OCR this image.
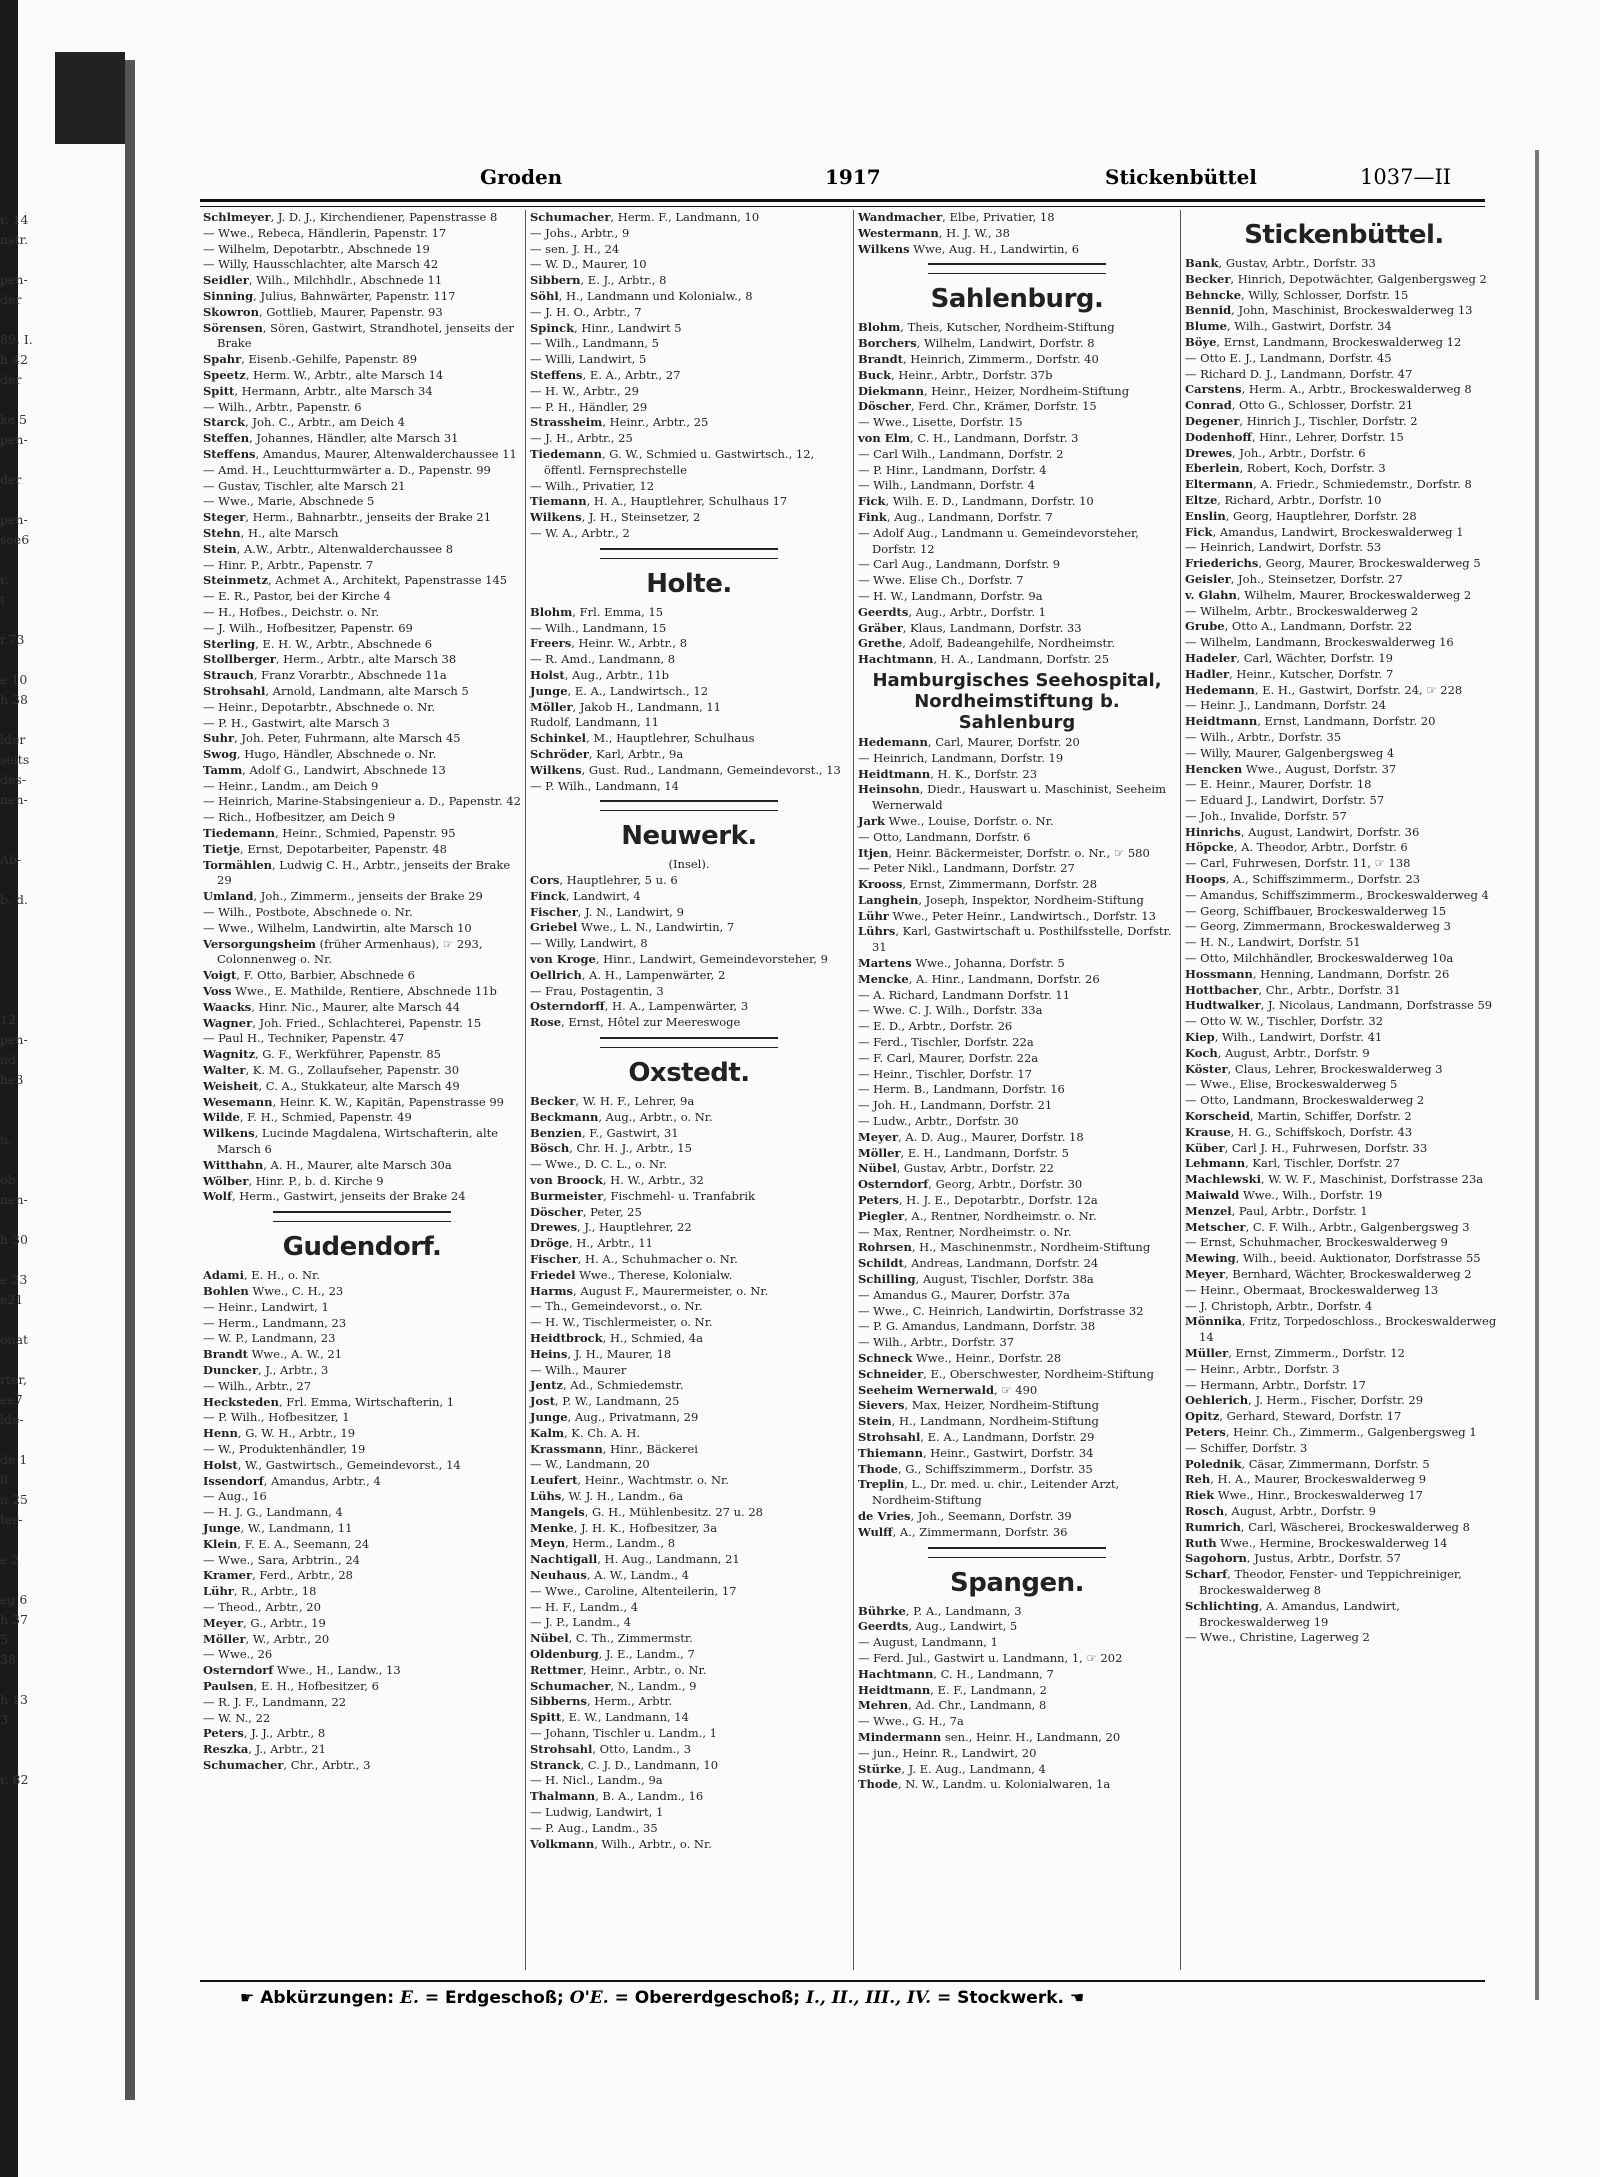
r. 14
nstr.
pen-
der
89, I.
h 42
der
ke 5
pen-
der
pen-
see6
r.
t
r.73
e 10
h 38
lder
seits
des-
nen-
Ab-
b. d.
12
pen-
nd
he3
u.
ob
nen-
h 30
e 23
e21
onat
rter,
ee7
lde-
de 1
lt
n 25
ter-
e 2
eg 6
h 37
5
38
h 13
3
r. 82
Groden	1917	Stickenbüttel	1037—II
Schlmeyer, J. D. J., Kirchendiener, Papenstrasse 8
— Wwe., Rebeca, Händlerin, Papenstr. 17
— Wilhelm, Depotarbtr., Abschnede 19
— Willy, Hausschlachter, alte Marsch 42
Seidler, Wilh., Milchhdlr., Abschnede 11
Sinning, Julius, Bahnwärter, Papenstr. 117
Skowron, Gottlieb, Maurer, Papenstr. 93
Sörensen, Sören, Gastwirt, Strandhotel, jenseits der Brake
Spahr, Eisenb.-Gehilfe, Papenstr. 89
Speetz, Herm. W., Arbtr., alte Marsch 14
Spitt, Hermann, Arbtr., alte Marsch 34
— Wilh., Arbtr., Papenstr. 6
Starck, Joh. C., Arbtr., am Deich 4
Steffen, Johannes, Händler, alte Marsch 31
Steffens, Amandus, Maurer, Altenwalderchaussee 11
— Amd. H., Leuchtturmwärter a. D., Papenstr. 99
— Gustav, Tischler, alte Marsch 21
— Wwe., Marie, Abschnede 5
Steger, Herm., Bahnarbtr., jenseits der Brake 21
Stehn, H., alte Marsch
Stein, A.W., Arbtr., Altenwalderchaussee 8
— Hinr. P., Arbtr., Papenstr. 7
Steinmetz, Achmet A., Architekt, Papenstrasse 145
— E. R., Pastor, bei der Kirche 4
— H., Hofbes., Deichstr. o. Nr.
— J. Wilh., Hofbesitzer, Papenstr. 69
Sterling, E. H. W., Arbtr., Abschnede 6
Stollberger, Herm., Arbtr., alte Marsch 38
Strauch, Franz Vorarbtr., Abschnede 11a
Strohsahl, Arnold, Landmann, alte Marsch 5
— Heinr., Depotarbtr., Abschnede o. Nr.
— P. H., Gastwirt, alte Marsch 3
Suhr, Joh. Peter, Fuhrmann, alte Marsch 45
Swog, Hugo, Händler, Abschnede o. Nr.
Tamm, Adolf G., Landwirt, Abschnede 13
— Heinr., Landm., am Deich 9
— Heinrich, Marine-Stabsingenieur a. D., Papenstr. 42
— Rich., Hofbesitzer, am Deich 9
Tiedemann, Heinr., Schmied, Papenstr. 95
Tietje, Ernst, Depotarbeiter, Papenstr. 48
Tormählen, Ludwig C. H., Arbtr., jenseits der Brake 29
Umland, Joh., Zimmerm., jenseits der Brake 29
— Wilh., Postbote, Abschnede o. Nr.
— Wwe., Wilhelm, Landwirtin, alte Marsch 10
Versorgungsheim (früher Armenhaus), ☞ 293, Colonnenweg o. Nr.
Voigt, F. Otto, Barbier, Abschnede 6
Voss Wwe., E. Mathilde, Rentiere, Abschnede 11b
Waacks, Hinr. Nic., Maurer, alte Marsch 44
Wagner, Joh. Fried., Schlachterei, Papenstr. 15
— Paul H., Techniker, Papenstr. 47
Wagnitz, G. F., Werkführer, Papenstr. 85
Walter, K. M. G., Zollaufseher, Papenstr. 30
Weisheit, C. A., Stukkateur, alte Marsch 49
Wesemann, Heinr. K. W., Kapitän, Papenstrasse 99
Wilde, F. H., Schmied, Papenstr. 49
Wilkens, Lucinde Magdalena, Wirtschafterin, alte Marsch 6
Witthahn, A. H., Maurer, alte Marsch 30a
Wölber, Hinr. P., b. d. Kirche 9
Wolf, Herm., Gastwirt, jenseits der Brake 24
Gudendorf.
Adami, E. H., o. Nr.
Bohlen Wwe., C. H., 23
— Heinr., Landwirt, 1
— Herm., Landmann, 23
— W. P., Landmann, 23
Brandt Wwe., A. W., 21
Duncker, J., Arbtr., 3
— Wilh., Arbtr., 27
Hecksteden, Frl. Emma, Wirtschafterin, 1
— P. Wilh., Hofbesitzer, 1
Henn, G. W. H., Arbtr., 19
— W., Produktenhändler, 19
Holst, W., Gastwirtsch., Gemeindevorst., 14
Issendorf, Amandus, Arbtr., 4
— Aug., 16
— H. J. G., Landmann, 4
Junge, W., Landmann, 11
Klein, F. E. A., Seemann, 24
— Wwe., Sara, Arbtrin., 24
Kramer, Ferd., Arbtr., 28
Lühr, R., Arbtr., 18
— Theod., Arbtr., 20
Meyer, G., Arbtr., 19
Möller, W., Arbtr., 20
— Wwe., 26
Osterndorf Wwe., H., Landw., 13
Paulsen, E. H., Hofbesitzer, 6
— R. J. F., Landmann, 22
— W. N., 22
Peters, J. J., Arbtr., 8
Reszka, J., Arbtr., 21
Schumacher, Chr., Arbtr., 3
Schumacher, Herm. F., Landmann, 10
— Johs., Arbtr., 9
— sen. J. H., 24
— W. D., Maurer, 10
Sibbern, E. J., Arbtr., 8
Söhl, H., Landmann und Kolonialw., 8
— J. H. O., Arbtr., 7
Spinck, Hinr., Landwirt 5
— Wilh., Landmann, 5
— Willi, Landwirt, 5
Steffens, E. A., Arbtr., 27
— H. W., Arbtr., 29
— P. H., Händler, 29
Strassheim, Heinr., Arbtr., 25
— J. H., Arbtr., 25
Tiedemann, G. W., Schmied u. Gastwirtsch., 12, öffentl. Fernsprechstelle
— Wilh., Privatier, 12
Tiemann, H. A., Hauptlehrer, Schulhaus 17
Wilkens, J. H., Steinsetzer, 2
— W. A., Arbtr., 2
Holte.
Blohm, Frl. Emma, 15
— Wilh., Landmann, 15
Freers, Heinr. W., Arbtr., 8
— R. Amd., Landmann, 8
Holst, Aug., Arbtr., 11b
Junge, E. A., Landwirtsch., 12
Möller, Jakob H., Landmann, 11
Rudolf, Landmann, 11
Schinkel, M., Hauptlehrer, Schulhaus
Schröder, Karl, Arbtr., 9a
Wilkens, Gust. Rud., Landmann, Gemeindevorst., 13
— P. Wilh., Landmann, 14
Neuwerk.
(Insel).
Cors, Hauptlehrer, 5 u. 6
Finck, Landwirt, 4
Fischer, J. N., Landwirt, 9
Griebel Wwe., L. N., Landwirtin, 7
— Willy, Landwirt, 8
von Kroge, Hinr., Landwirt, Gemeindevorsteher, 9
Oellrich, A. H., Lampenwärter, 2
— Frau, Postagentin, 3
Osterndorff, H. A., Lampenwärter, 3
Rose, Ernst, Hôtel zur Meereswoge
Oxstedt.
Becker, W. H. F., Lehrer, 9a
Beckmann, Aug., Arbtr., o. Nr.
Benzien, F., Gastwirt, 31
Bösch, Chr. H. J., Arbtr., 15
— Wwe., D. C. L., o. Nr.
von Broock, H. W., Arbtr., 32
Burmeister, Fischmehl- u. Tranfabrik
Döscher, Peter, 25
Drewes, J., Hauptlehrer, 22
Dröge, H., Arbtr., 11
Fischer, H. A., Schuhmacher o. Nr.
Friedel Wwe., Therese, Kolonialw.
Harms, August F., Maurermeister, o. Nr.
— Th., Gemeindevorst., o. Nr.
— H. W., Tischlermeister, o. Nr.
Heidtbrock, H., Schmied, 4a
Heins, J. H., Maurer, 18
— Wilh., Maurer
Jentz, Ad., Schmiedemstr.
Jost, P. W., Landmann, 25
Junge, Aug., Privatmann, 29
Kalm, K. Ch. A. H.
Krassmann, Hinr., Bäckerei
— W., Landmann, 20
Leufert, Heinr., Wachtmstr. o. Nr.
Lühs, W. J. H., Landm., 6a
Mangels, G. H., Mühlenbesitz. 27 u. 28
Menke, J. H. K., Hofbesitzer, 3a
Meyn, Herm., Landm., 8
Nachtigall, H. Aug., Landmann, 21
Neuhaus, A. W., Landm., 4
— Wwe., Caroline, Altenteilerin, 17
— H. F., Landm., 4
— J. P., Landm., 4
Nübel, C. Th., Zimmermstr.
Oldenburg, J. E., Landm., 7
Rettmer, Heinr., Arbtr., o. Nr.
Schumacher, N., Landm., 9
Sibberns, Herm., Arbtr.
Spitt, E. W., Landmann, 14
— Johann, Tischler u. Landm., 1
Strohsahl, Otto, Landm., 3
Stranck, C. J. D., Landmann, 10
— H. Nicl., Landm., 9a
Thalmann, B. A., Landm., 16
— Ludwig, Landwirt, 1
— P. Aug., Landm., 35
Volkmann, Wilh., Arbtr., o. Nr.
Wandmacher, Elbe, Privatier, 18
Westermann, H. J. W., 38
Wilkens Wwe, Aug. H., Landwirtin, 6
Sahlenburg.
Blohm, Theis, Kutscher, Nordheim-Stiftung
Borchers, Wilhelm, Landwirt, Dorfstr. 8
Brandt, Heinrich, Zimmerm., Dorfstr. 40
Buck, Heinr., Arbtr., Dorfstr. 37b
Diekmann, Heinr., Heizer, Nordheim-Stiftung
Döscher, Ferd. Chr., Krämer, Dorfstr. 15
— Wwe., Lisette, Dorfstr. 15
von Elm, C. H., Landmann, Dorfstr. 3
— Carl Wilh., Landmann, Dorfstr. 2
— P. Hinr., Landmann, Dorfstr. 4
— Wilh., Landmann, Dorfstr. 4
Fick, Wilh. E. D., Landmann, Dorfstr. 10
Fink, Aug., Landmann, Dorfstr. 7
— Adolf Aug., Landmann u. Gemeindevorsteher, Dorfstr. 12
— Carl Aug., Landmann, Dorfstr. 9
— Wwe. Elise Ch., Dorfstr. 7
— H. W., Landmann, Dorfstr. 9a
Geerdts, Aug., Arbtr., Dorfstr. 1
Gräber, Klaus, Landmann, Dorfstr. 33
Grethe, Adolf, Badeangehilfe, Nordheimstr.
Hachtmann, H. A., Landmann, Dorfstr. 25
Hamburgisches Seehospital, Nordheimstiftung b. Sahlenburg
Hedemann, Carl, Maurer, Dorfstr. 20
— Heinrich, Landmann, Dorfstr. 19
Heidtmann, H. K., Dorfstr. 23
Heinsohn, Diedr., Hauswart u. Maschinist, Seeheim Wernerwald
Jark Wwe., Louise, Dorfstr. o. Nr.
— Otto, Landmann, Dorfstr. 6
Itjen, Heinr. Bäckermeister, Dorfstr. o. Nr., ☞ 580
— Peter Nikl., Landmann, Dorfstr. 27
Krooss, Ernst, Zimmermann, Dorfstr. 28
Langhein, Joseph, Inspektor, Nordheim-Stiftung
Lühr Wwe., Peter Heinr., Landwirtsch., Dorfstr. 13
Lührs, Karl, Gastwirtschaft u. Posthilfsstelle, Dorfstr. 31
Martens Wwe., Johanna, Dorfstr. 5
Mencke, A. Hinr., Landmann, Dorfstr. 26
— A. Richard, Landmann Dorfstr. 11
— Wwe. C. J. Wilh., Dorfstr. 33a
— E. D., Arbtr., Dorfstr. 26
— Ferd., Tischler, Dorfstr. 22a
— F. Carl, Maurer, Dorfstr. 22a
— Heinr., Tischler, Dorfstr. 17
— Herm. B., Landmann, Dorfstr. 16
— Joh. H., Landmann, Dorfstr. 21
— Ludw., Arbtr., Dorfstr. 30
Meyer, A. D. Aug., Maurer, Dorfstr. 18
Möller, E. H., Landmann, Dorfstr. 5
Nübel, Gustav, Arbtr., Dorfstr. 22
Osterndorf, Georg, Arbtr., Dorfstr. 30
Peters, H. J. E., Depotarbtr., Dorfstr. 12a
Piegler, A., Rentner, Nordheimstr. o. Nr.
— Max, Rentner, Nordheimstr. o. Nr.
Rohrsen, H., Maschinenmstr., Nordheim-Stiftung
Schildt, Andreas, Landmann, Dorfstr. 24
Schilling, August, Tischler, Dorfstr. 38a
— Amandus G., Maurer, Dorfstr. 37a
— Wwe., C. Heinrich, Landwirtin, Dorfstrasse 32
— P. G. Amandus, Landmann, Dorfstr. 38
— Wilh., Arbtr., Dorfstr. 37
Schneck Wwe., Heinr., Dorfstr. 28
Schneider, E., Oberschwester, Nordheim-Stiftung
Seeheim Wernerwald, ☞ 490
Sievers, Max, Heizer, Nordheim-Stiftung
Stein, H., Landmann, Nordheim-Stiftung
Strohsahl, E. A., Landmann, Dorfstr. 29
Thiemann, Heinr., Gastwirt, Dorfstr. 34
Thode, G., Schiffszimmerm., Dorfstr. 35
Treplin, L., Dr. med. u. chir., Leitender Arzt, Nordheim-Stiftung
de Vries, Joh., Seemann, Dorfstr. 39
Wulff, A., Zimmermann, Dorfstr. 36
Spangen.
Bührke, P. A., Landmann, 3
Geerdts, Aug., Landwirt, 5
— August, Landmann, 1
— Ferd. Jul., Gastwirt u. Landmann, 1, ☞ 202
Hachtmann, C. H., Landmann, 7
Heidtmann, E. F., Landmann, 2
Mehren, Ad. Chr., Landmann, 8
— Wwe., G. H., 7a
Mindermann sen., Heinr. H., Landmann, 20
— jun., Heinr. R., Landwirt, 20
Stürke, J. E. Aug., Landmann, 4
Thode, N. W., Landm. u. Kolonialwaren, 1a
Stickenbüttel.
Bank, Gustav, Arbtr., Dorfstr. 33
Becker, Hinrich, Depotwächter, Galgenbergsweg 2
Behncke, Willy, Schlosser, Dorfstr. 15
Bennid, John, Maschinist, Brockeswalderweg 13
Blume, Wilh., Gastwirt, Dorfstr. 34
Böye, Ernst, Landmann, Brockeswalderweg 12
— Otto E. J., Landmann, Dorfstr. 45
— Richard D. J., Landmann, Dorfstr. 47
Carstens, Herm. A., Arbtr., Brockeswalderweg 8
Conrad, Otto G., Schlosser, Dorfstr. 21
Degener, Hinrich J., Tischler, Dorfstr. 2
Dodenhoff, Hinr., Lehrer, Dorfstr. 15
Drewes, Joh., Arbtr., Dorfstr. 6
Eberlein, Robert, Koch, Dorfstr. 3
Eltermann, A. Friedr., Schmiedemstr., Dorfstr. 8
Eltze, Richard, Arbtr., Dorfstr. 10
Enslin, Georg, Hauptlehrer, Dorfstr. 28
Fick, Amandus, Landwirt, Brockeswalderweg 1
— Heinrich, Landwirt, Dorfstr. 53
Friederichs, Georg, Maurer, Brockeswalderweg 5
Geisler, Joh., Steinsetzer, Dorfstr. 27
v. Glahn, Wilhelm, Maurer, Brockeswalderweg 2
— Wilhelm, Arbtr., Brockeswalderweg 2
Grube, Otto A., Landmann, Dorfstr. 22
— Wilhelm, Landmann, Brockeswalderweg 16
Hadeler, Carl, Wächter, Dorfstr. 19
Hadler, Heinr., Kutscher, Dorfstr. 7
Hedemann, E. H., Gastwirt, Dorfstr. 24, ☞ 228
— Heinr. J., Landmann, Dorfstr. 24
Heidtmann, Ernst, Landmann, Dorfstr. 20
— Wilh., Arbtr., Dorfstr. 35
— Willy, Maurer, Galgenbergsweg 4
Hencken Wwe., August, Dorfstr. 37
— E. Heinr., Maurer, Dorfstr. 18
— Eduard J., Landwirt, Dorfstr. 57
— Joh., Invalide, Dorfstr. 57
Hinrichs, August, Landwirt, Dorfstr. 36
Höpcke, A. Theodor, Arbtr., Dorfstr. 6
— Carl, Fuhrwesen, Dorfstr. 11, ☞ 138
Hoops, A., Schiffszimmerm., Dorfstr. 23
— Amandus, Schiffszimmerm., Brockeswalderweg 4
— Georg, Schiffbauer, Brockeswalderweg 15
— Georg, Zimmermann, Brockeswalderweg 3
— H. N., Landwirt, Dorfstr. 51
— Otto, Milchhändler, Brockeswalderweg 10a
Hossmann, Henning, Landmann, Dorfstr. 26
Hottbacher, Chr., Arbtr., Dorfstr. 31
Hudtwalker, J. Nicolaus, Landmann, Dorfstrasse 59
— Otto W. W., Tischler, Dorfstr. 32
Kiep, Wilh., Landwirt, Dorfstr. 41
Koch, August, Arbtr., Dorfstr. 9
Köster, Claus, Lehrer, Brockeswalderweg 3
— Wwe., Elise, Brockeswalderweg 5
— Otto, Landmann, Brockeswalderweg 2
Korscheid, Martin, Schiffer, Dorfstr. 2
Krause, H. G., Schiffskoch, Dorfstr. 43
Küber, Carl J. H., Fuhrwesen, Dorfstr. 33
Lehmann, Karl, Tischler, Dorfstr. 27
Machlewski, W. W. F., Maschinist, Dorfstrasse 23a
Maiwald Wwe., Wilh., Dorfstr. 19
Menzel, Paul, Arbtr., Dorfstr. 1
Metscher, C. F. Wilh., Arbtr., Galgenbergsweg 3
— Ernst, Schuhmacher, Brockeswalderweg 9
Mewing, Wilh., beeid. Auktionator, Dorfstrasse 55
Meyer, Bernhard, Wächter, Brockeswalderweg 2
— Heinr., Obermaat, Brockeswalderweg 13
— J. Christoph, Arbtr., Dorfstr. 4
Mönnika, Fritz, Torpedoschloss., Brockeswalderweg 14
Müller, Ernst, Zimmerm., Dorfstr. 12
— Heinr., Arbtr., Dorfstr. 3
— Hermann, Arbtr., Dorfstr. 17
Oehlerich, J. Herm., Fischer, Dorfstr. 29
Opitz, Gerhard, Steward, Dorfstr. 17
Peters, Heinr. Ch., Zimmerm., Galgenbergsweg 1
— Schiffer, Dorfstr. 3
Polednik, Cäsar, Zimmermann, Dorfstr. 5
Reh, H. A., Maurer, Brockeswalderweg 9
Riek Wwe., Hinr., Brockeswalderweg 17
Rosch, August, Arbtr., Dorfstr. 9
Rumrich, Carl, Wäscherei, Brockeswalderweg 8
Ruth Wwe., Hermine, Brockeswalderweg 14
Sagohorn, Justus, Arbtr., Dorfstr. 57
Scharf, Theodor, Fenster- und Teppichreiniger, Brockeswalderweg 8
Schlichting, A. Amandus, Landwirt, Brockeswalderweg 19
— Wwe., Christine, Lagerweg 2
☛ Abkürzungen: E. = Erdgeschoß; O'E. = Obererdgeschoß; I., II., III., IV. = Stockwerk. ☚
